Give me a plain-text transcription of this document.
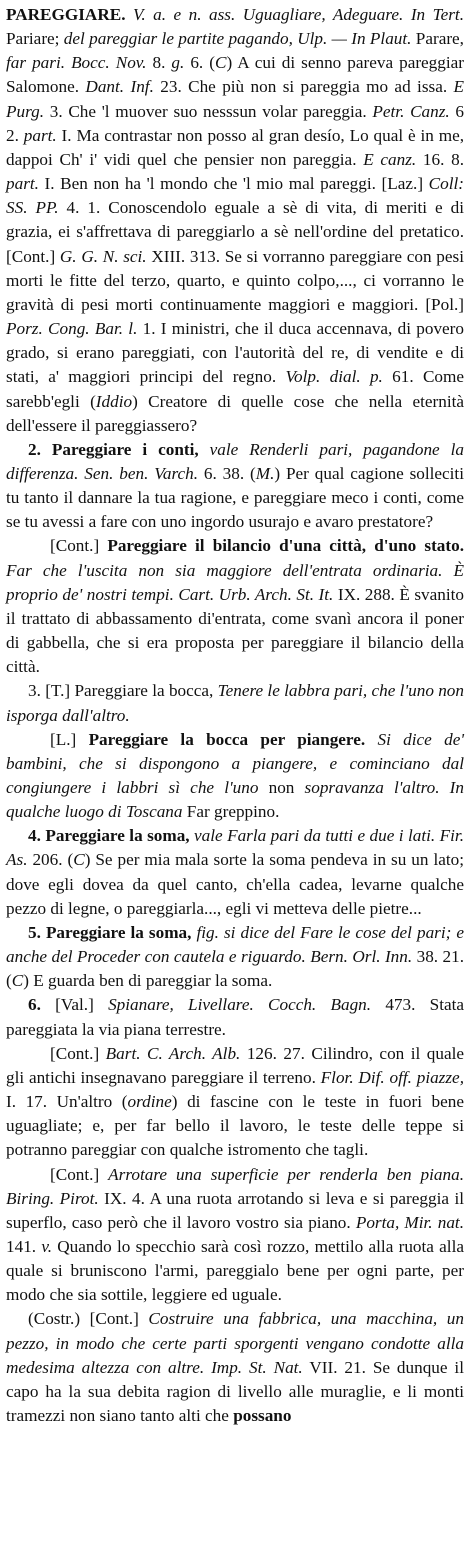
PAREGGIARE. V. a. e n. ass. Uguagliare, Adeguare. In Tert. Pariare; del pareggiar le partite pagando, Ulp. — In Plaut. Parare, far pari. Bocc. Nov. 8. g. 6. (C) A cui di senno pareva pareggiar Salomone. Dant. Inf. 23. Che più non si pareggia mo ad issa. E Purg. 3. Che 'l muover suo nesssun volar pareggia. Petr. Canz. 6 2. part. I. Ma contrastar non posso al gran desío, Lo qual è in me, dappoi Ch' i' vidi quel che pensier non pareggia. E canz. 16. 8. part. I. Ben non ha 'l mondo che 'l mio mal pareggi. [Laz.] Coll: SS. PP. 4. 1. Conoscendolo eguale a sè di vita, di meriti e di grazia, ei s'affrettava di pareggiarlo a sè nell'ordine del pretatico. [Cont.] G. G. N. sci. XIII. 313. Se si vorranno pareggiare con pesi morti le fitte del terzo, quarto, e quinto colpo,..., ci vorranno le gravità di pesi morti continuamente maggiori e maggiori. [Pol.] Porz. Cong. Bar. l. 1. I ministri, che il duca accennava, di povero grado, si erano pareggiati, con l'autorità del re, di vendite e di stati, a' maggiori principi del regno. Volp. dial. p. 61. Come sarebb'egli (Iddio) Creatore di quelle cose che nella eternità dell'essere il pareggiassero?

2. Pareggiare i conti, vale Renderli pari, pagandone la differenza. Sen. ben. Varch. 6. 38. (M.) Per qual cagione solleciti tu tanto il dannare la tua ragione, e pareggiare meco i conti, come se tu avessi a fare con uno ingordo usurajo e avaro prestatore?

[Cont.] Pareggiare il bilancio d'una città, d'uno stato. Far che l'uscita non sia maggiore dell'entrata ordinaria. È proprio de' nostri tempi. Cart. Urb. Arch. St. It. IX. 288. È svanito il trattato di abbassamento di'entrata, come svanì ancora il poner di gabbella, che si era proposta per pareggiare il bilancio della città.

3. [T.] Pareggiare la bocca, Tenere le labbra pari, che l'uno non isporga dall'altro.

[L.] Pareggiare la bocca per piangere. Si dice de' bambini, che si dispongono a piangere, e cominciano dal congiungere i labbri sì che l'uno non sopravanza l'altro. In qualche luogo di Toscana Far greppino.

4. Pareggiare la soma, vale Farla pari da tutti e due i lati. Fir. As. 206. (C) Se per mia mala sorte la soma pendeva in su un lato; dove egli dovea da quel canto, ch'ella cadea, levarne qualche pezzo di legne, o pareggiarla..., egli vi metteva delle pietre...

5. Pareggiare la soma, fig. si dice del Fare le cose del pari; e anche del Proceder con cautela e riguardo. Bern. Orl. Inn. 38. 21. (C) E guarda ben di pareggiar la soma.

6. [Val.] Spianare, Livellare. Cocch. Bagn. 473. Stata pareggiata la via piana terrestre.

[Cont.] Bart. C. Arch. Alb. 126. 27. Cilindro, con il quale gli antichi insegnavano pareggiare il terreno. Flor. Dif. off. piazze, I. 17. Un'altro (ordine) di fascine con le teste in fuori bene uguagliate; e, per far bello il lavoro, le teste delle teppe si potranno pareggiar con qualche istromento che tagli.

[Cont.] Arrotare una superficie per renderla ben piana. Biring. Pirot. IX. 4. A una ruota arrotando si leva e si pareggia il superflo, caso però che il lavoro vostro sia piano. Porta, Mir. nat. 141. v. Quando lo specchio sarà così rozzo, mettilo alla ruota alla quale si bruniscono l'armi, pareggialo bene per ogni parte, per modo che sia sottile, leggiere ed uguale.

(Costr.) [Cont.] Costruire una fabbrica, una macchina, un pezzo, in modo che certe parti sporgenti vengano condotte alla medesima altezza con altre. Imp. St. Nat. VII. 21. Se dunque il capo ha la sua debita ragion di livello alle muraglie, e li monti tramezzi non siano tanto alti che possano
